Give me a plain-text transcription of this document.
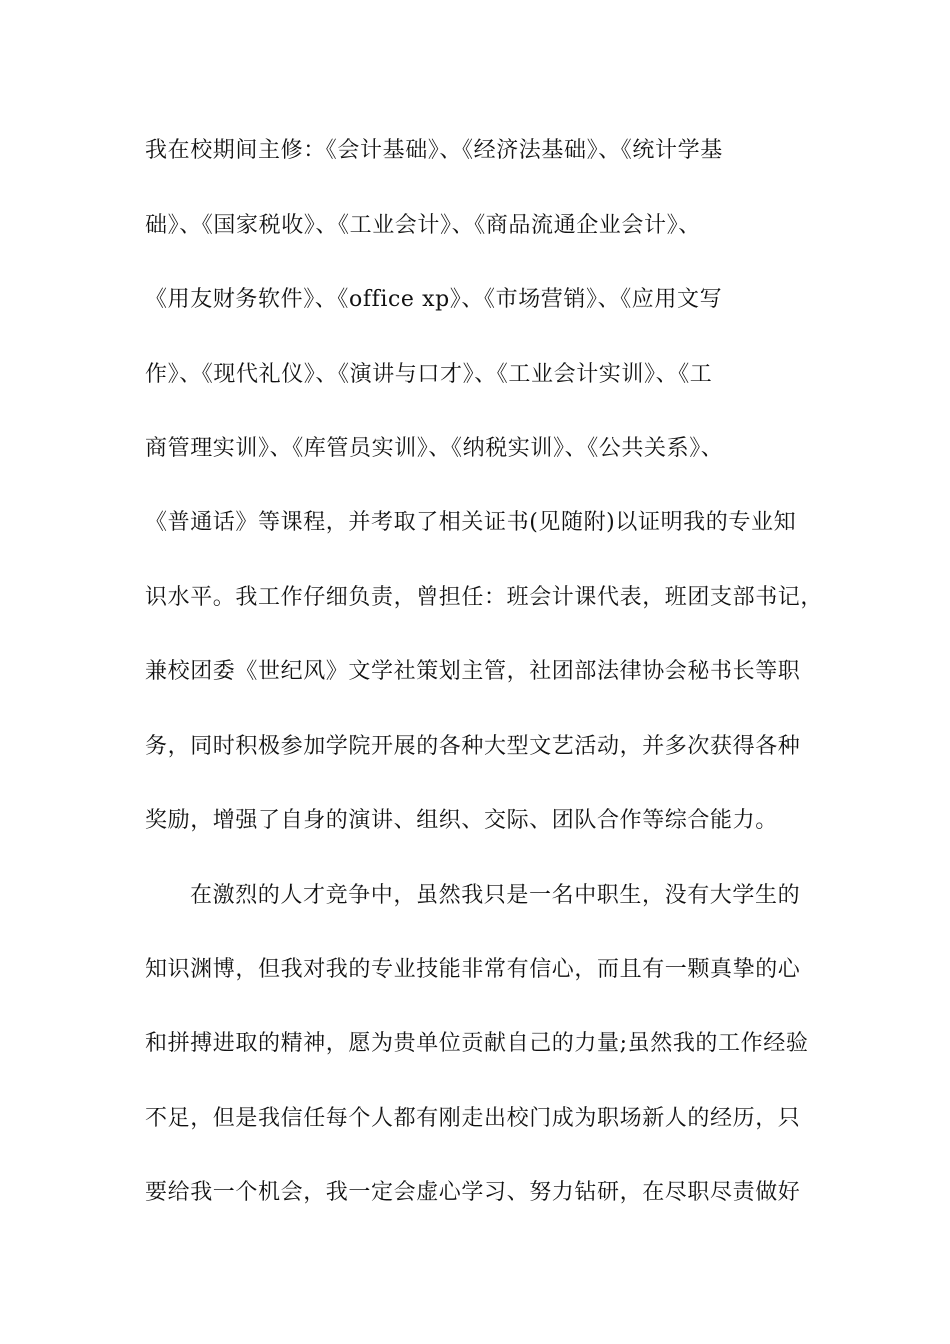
我在校期间主修：《会计基础》、《经济法基础》、《统计学基
础》、《国家税收》、《工业会计》、《商品流通企业会计》、
《用友财务软件》、《office xp》、《市场营销》、《应用文写
作》、《现代礼仪》、《演讲与口才》、《工业会计实训》、《工
商管理实训》、《库管员实训》、《纳税实训》、《公共关系》、
《普通话》等课程，并考取了相关证书(见随附)以证明我的专业知
识水平。我工作仔细负责，曾担任：班会计课代表，班团支部书记，
兼校团委《世纪风》文学社策划主管，社团部法律协会秘书长等职
务，同时积极参加学院开展的各种大型文艺活动，并多次获得各种
奖励，增强了自身的演讲、组织、交际、团队合作等综合能力。
在激烈的人才竞争中，虽然我只是一名中职生，没有大学生的
知识渊博，但我对我的专业技能非常有信心，而且有一颗真挚的心
和拼搏进取的精神，愿为贵单位贡献自己的力量;虽然我的工作经验
不足，但是我信任每个人都有刚走出校门成为职场新人的经历，只
要给我一个机会，我一定会虚心学习、努力钻研，在尽职尽责做好
